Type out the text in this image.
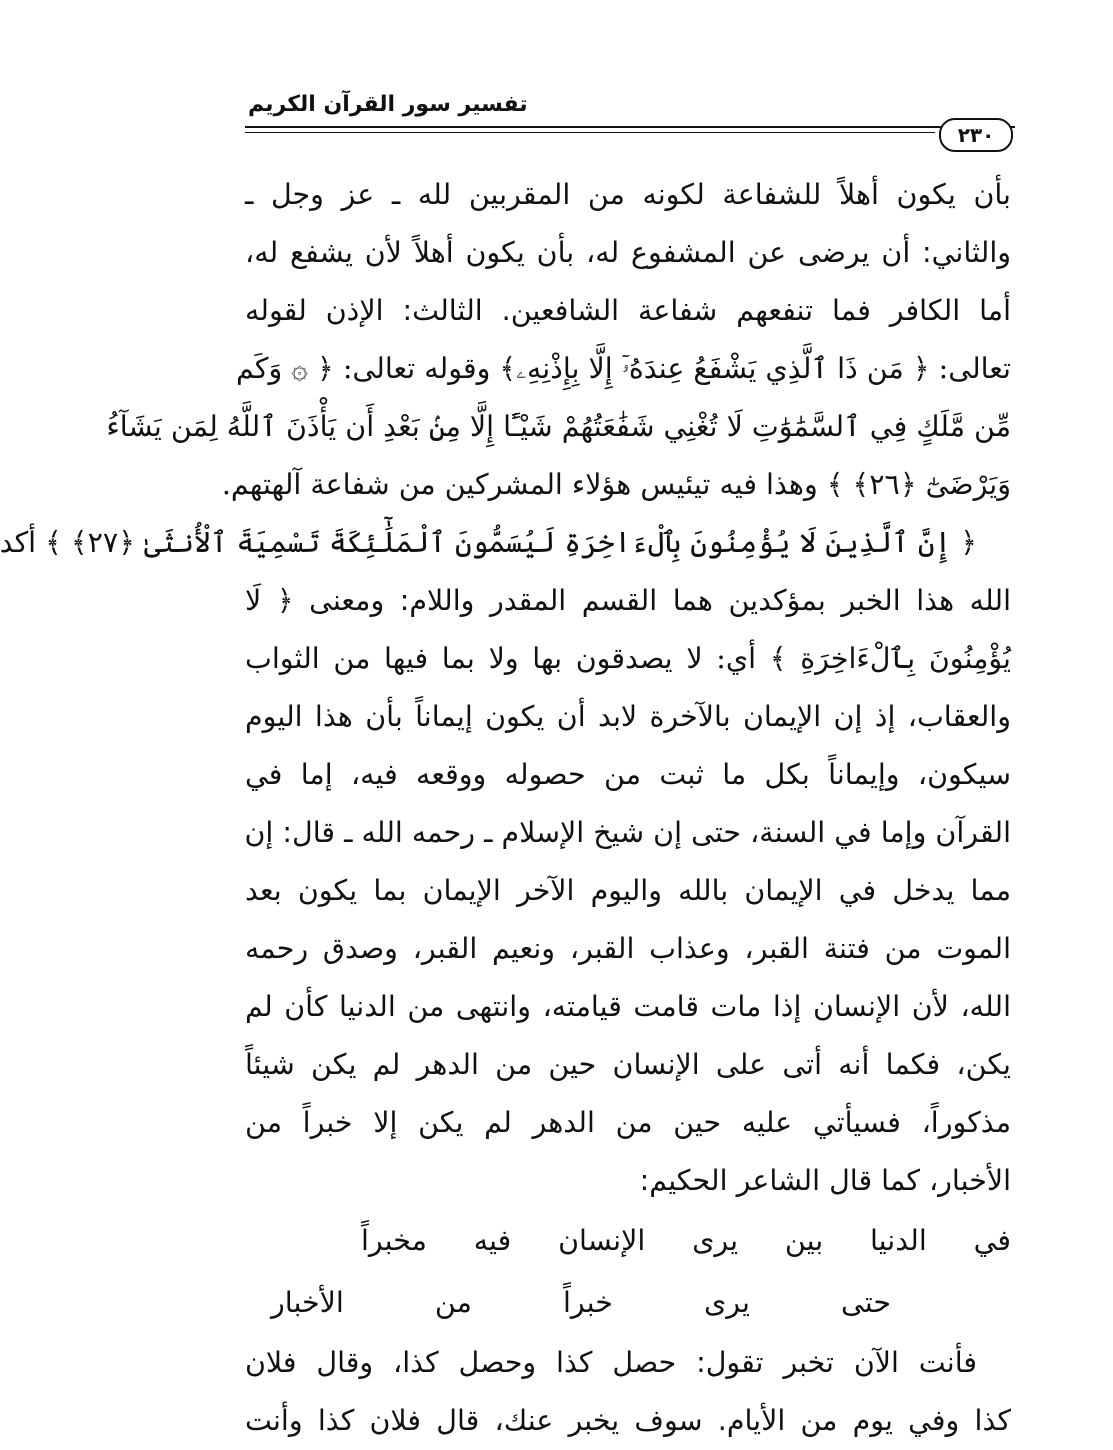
تفسير سور القرآن الكريم
٢٣٠
بأن يكون أهلاً للشفاعة لكونه من المقربين لله ـ عز وجل ـ
والثاني: أن يرضى عن المشفوع له، بأن يكون أهلاً لأن يشفع له،
أما الكافر فما تنفعهم شفاعة الشافعين. الثالث: الإذن لقوله
تعالى: ﴿ مَن ذَا ٱلَّذِي يَشْفَعُ عِندَهُۥٓ إِلَّا بِإِذْنِهِۦ﴾ وقوله تعالى: ﴿ ۞ وَكَم
مِّن مَّلَكٍ فِي ٱلسَّمَٰوَٰتِ لَا تُغْنِي شَفَٰعَتُهُمْ شَيْـًٔا إِلَّا مِنۢ بَعْدِ أَن يَأْذَنَ ٱللَّهُ لِمَن يَشَآءُ
وَيَرْضَىٰٓ ﴿٢٦﴾ ﴾ وهذا فيه تيئيس هؤلاء المشركين من شفاعة آلهتهم.
﴿ إِنَّ ٱلَّذِينَ لَا يُؤْمِنُونَ بِٱلْءَاخِرَةِ لَيُسَمُّونَ ٱلْمَلَٰٓئِكَةَ تَسْمِيَةَ ٱلْأُنثَىٰ ﴿٢٧﴾ ﴾ أكد
الله هذا الخبر بمؤكدين هما القسم المقدر واللام: ومعنى ﴿ لَا
يُؤْمِنُونَ بِٱلْءَاخِرَةِ ﴾ أي: لا يصدقون بها ولا بما فيها من الثواب
والعقاب، إذ إن الإيمان بالآخرة لابد أن يكون إيماناً بأن هذا اليوم
سيكون، وإيماناً بكل ما ثبت من حصوله ووقعه فيه، إما في
القرآن وإما في السنة، حتى إن شيخ الإسلام ـ رحمه الله ـ قال: إن
مما يدخل في الإيمان بالله واليوم الآخر الإيمان بما يكون بعد
الموت من فتنة القبر، وعذاب القبر، ونعيم القبر، وصدق رحمه
الله، لأن الإنسان إذا مات قامت قيامته، وانتهى من الدنيا كأن لم
يكن، فكما أنه أتى على الإنسان حين من الدهر لم يكن شيئاً
مذكوراً، فسيأتي عليه حين من الدهر لم يكن إلا خبراً من
الأخبار، كما قال الشاعر الحكيم:
في الدنيا بين يرى الإنسان فيه مخبراً
حتى يرى خبراً من الأخبار
فأنت الآن تخبر تقول: حصل كذا وحصل كذا، وقال فلان
كذا وفي يوم من الأيام. سوف يخبر عنك، قال فلان كذا وأنت
